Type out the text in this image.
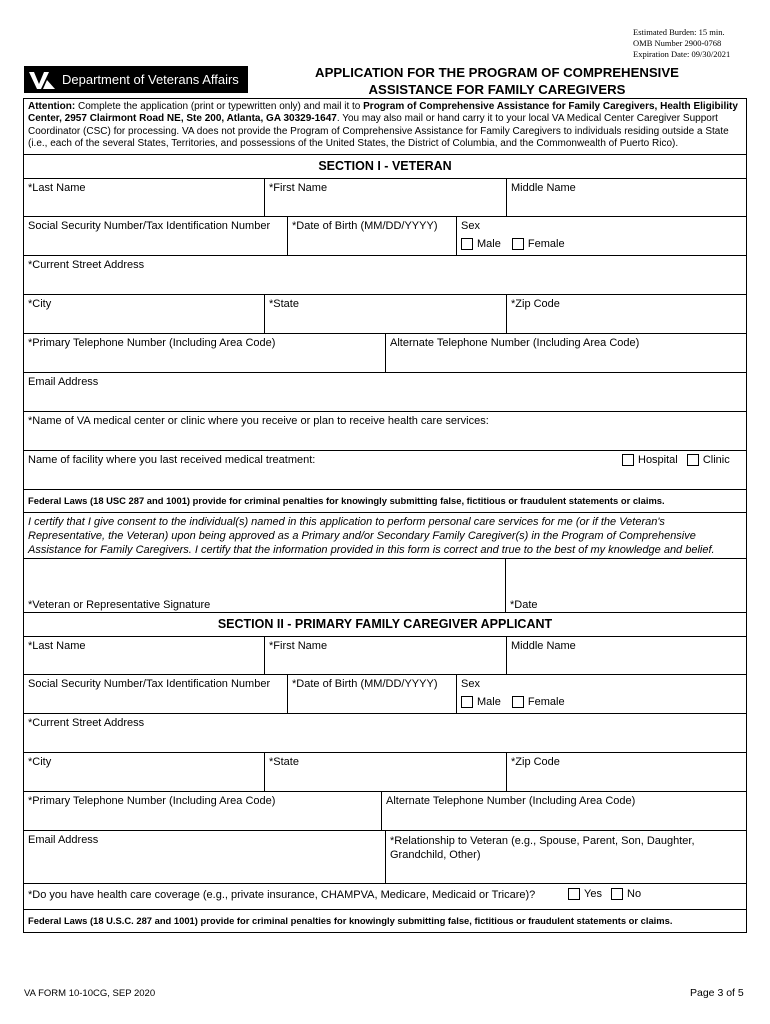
Estimated Burden: 15 min.
OMB Number 2900-0768
Expiration Date: 09/30/2021
Department of Veterans Affairs	APPLICATION FOR THE PROGRAM OF COMPREHENSIVE
ASSISTANCE FOR FAMILY CAREGIVERS
Attention: Complete the application (print or typewritten only) and mail it to Program of Comprehensive Assistance for Family Caregivers, Health Eligibility Center, 2957 Clairmont Road NE, Ste 200, Atlanta, GA 30329-1647. You may also mail or hand carry it to your local VA Medical Center Caregiver Support Coordinator (CSC) for processing. VA does not provide the Program of Comprehensive Assistance for Family Caregivers to individuals residing outside a State (i.e., each of the several States, Territories, and possessions of the United States, the District of Columbia, and the Commonwealth of Puerto Rico).
SECTION I - VETERAN
*Last Name	*First Name	Middle Name
Social Security Number/Tax Identification Number	*Date of Birth (MM/DD/YYYY)	Sex
Male Female
*Current Street Address
*City	*State	*Zip Code
*Primary Telephone Number (Including Area Code)	Alternate Telephone Number (Including Area Code)
Email Address
*Name of VA medical center or clinic where you receive or plan to receive health care services:
Name of facility where you last received medical treatment:	Hospital Clinic
Federal Laws (18 USC 287 and 1001) provide for criminal penalties for knowingly submitting false, fictitious or fraudulent statements or claims.
I certify that I give consent to the individual(s) named in this application to perform personal care services for me (or if the Veteran's Representative, the Veteran) upon being approved as a Primary and/or Secondary Family Caregiver(s) in the Program of Comprehensive Assistance for Family Caregivers. I certify that the information provided in this form is correct and true to the best of my knowledge and belief.
*Veteran or Representative Signature	*Date
SECTION II - PRIMARY FAMILY CAREGIVER APPLICANT
*Last Name	*First Name	Middle Name
Social Security Number/Tax Identification Number	*Date of Birth (MM/DD/YYYY)	Sex
Male Female
*Current Street Address
*City	*State	*Zip Code
*Primary Telephone Number (Including Area Code)	Alternate Telephone Number (Including Area Code)
Email Address	*Relationship to Veteran (e.g., Spouse, Parent, Son, Daughter, Grandchild, Other)
*Do you have health care coverage (e.g., private insurance, CHAMPVA, Medicare, Medicaid or Tricare)?	Yes No
Federal Laws (18 U.S.C. 287 and 1001) provide for criminal penalties for knowingly submitting false, fictitious or fraudulent statements or claims.
VA FORM 10-10CG, SEP 2020	Page 3 of 5
